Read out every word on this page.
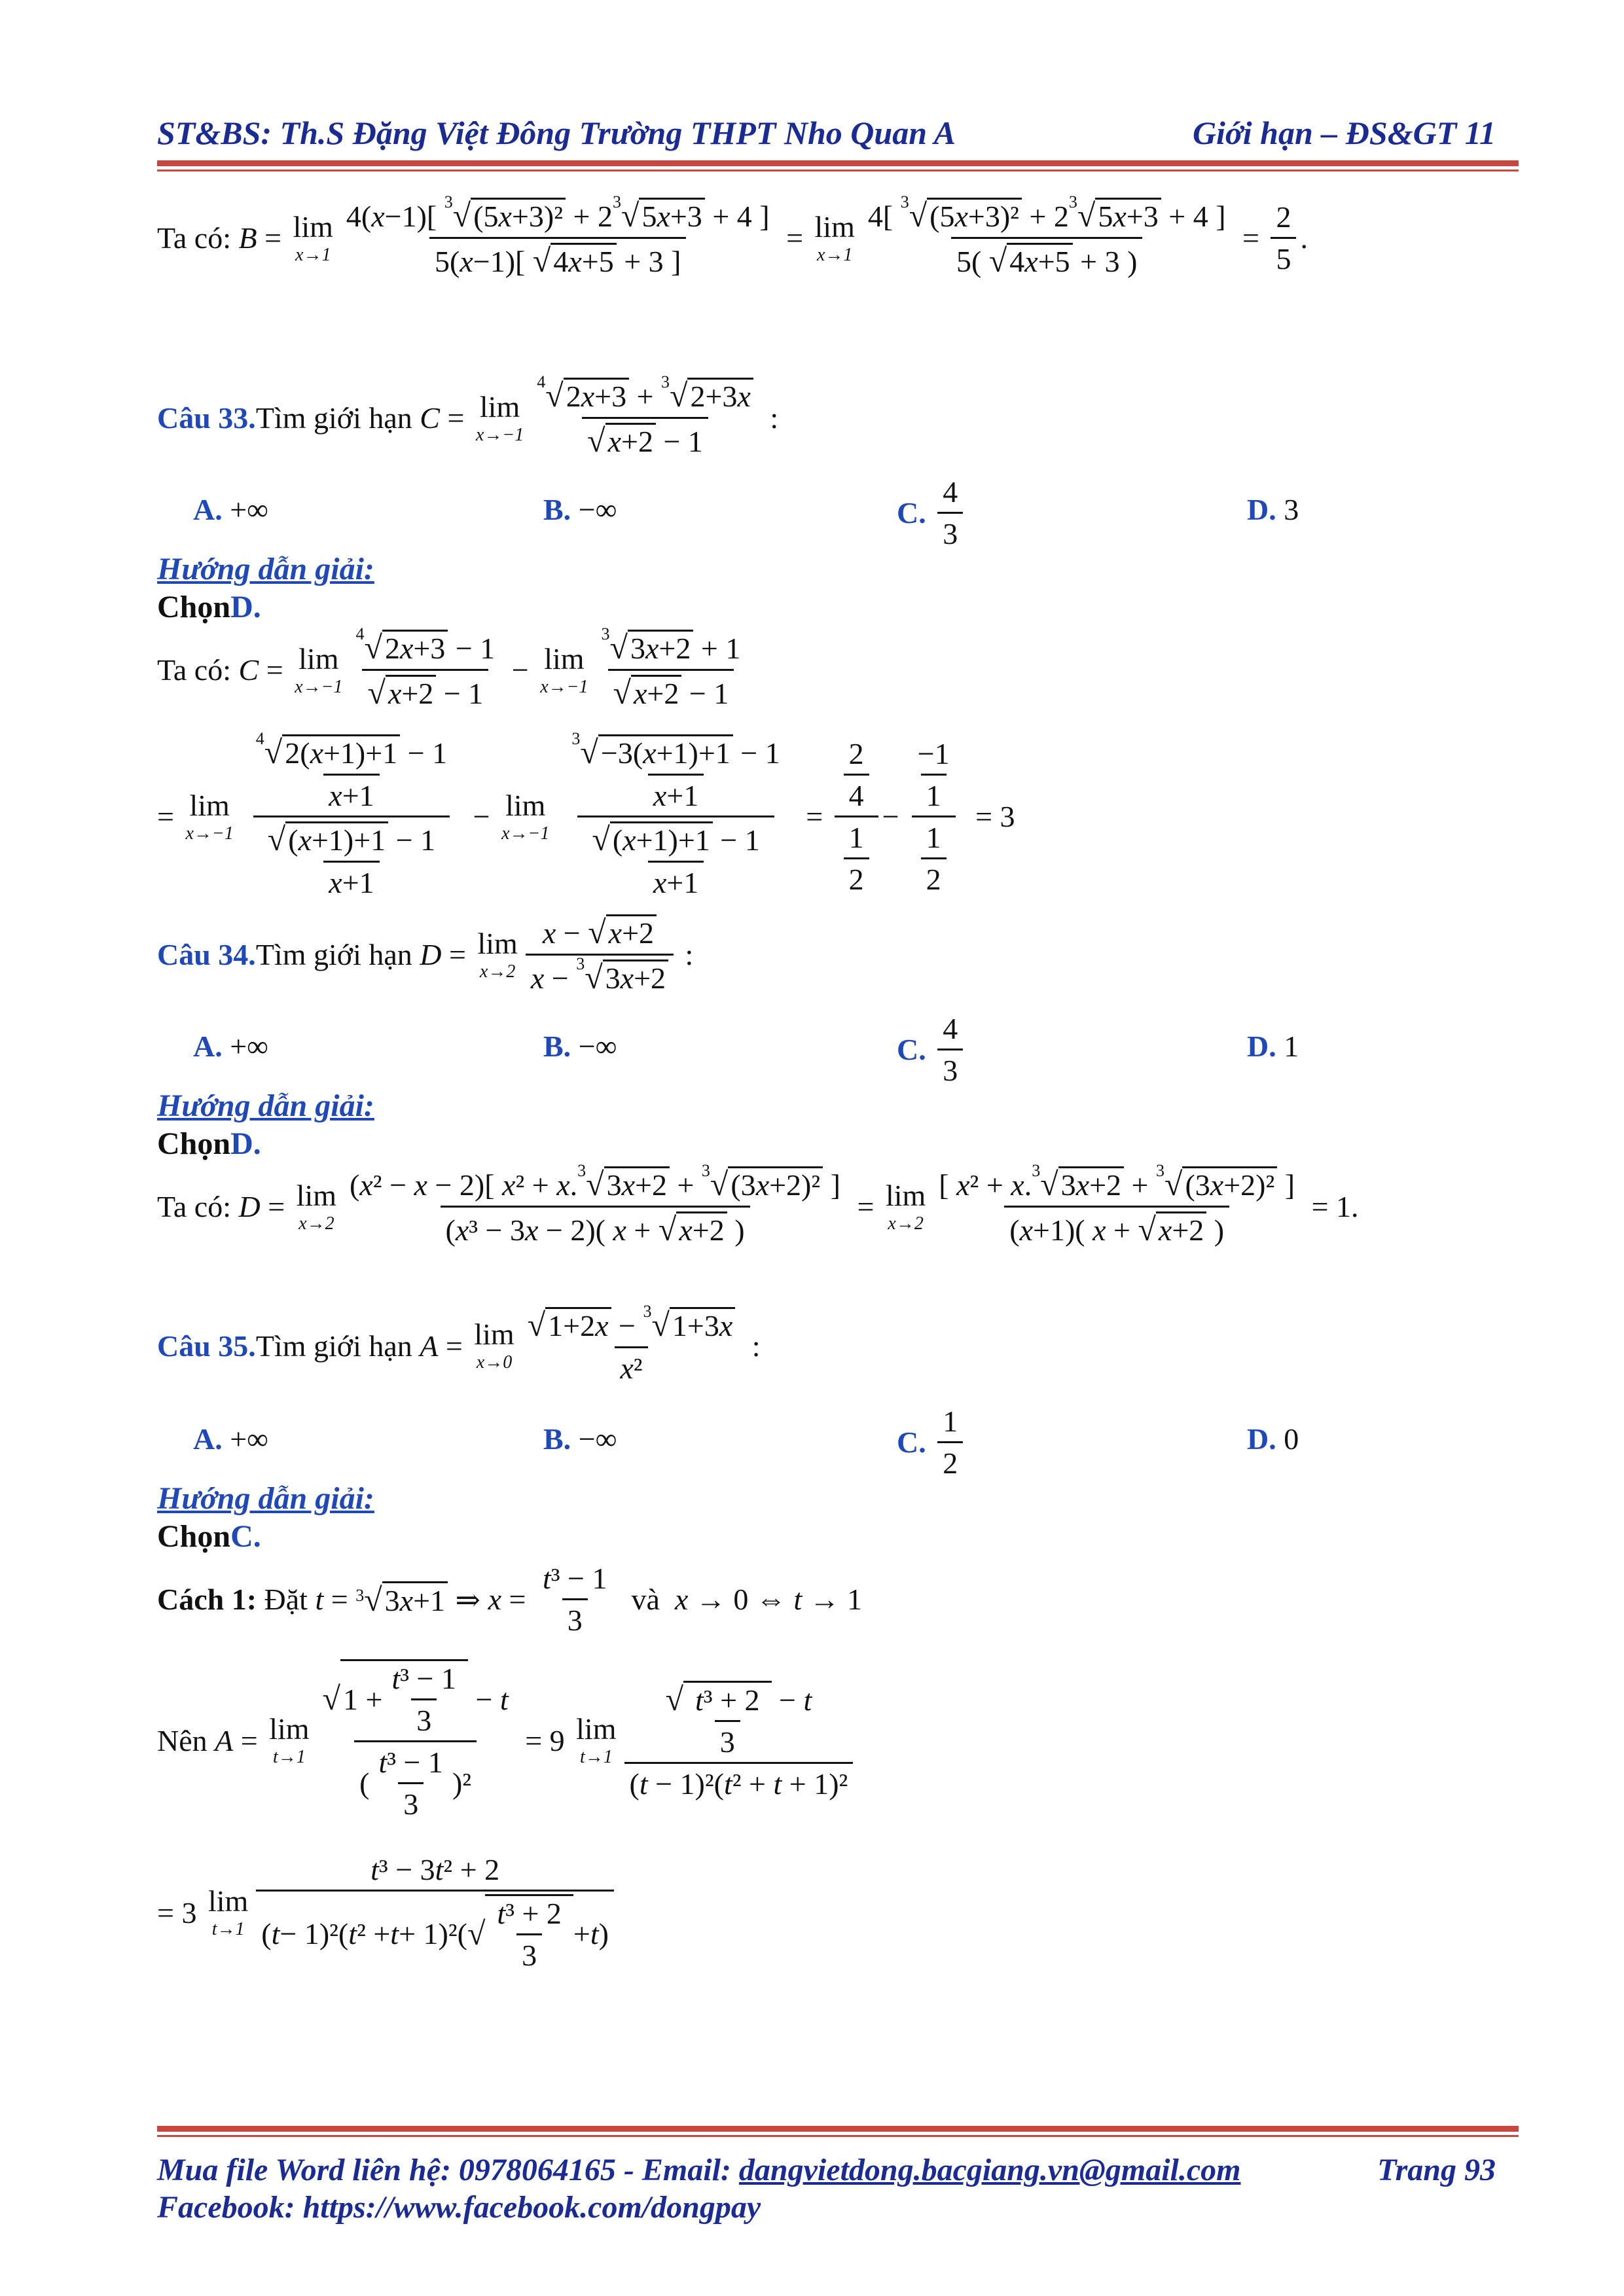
ST&BS: Th.S Đặng Việt Đông Trường THPT Nho Quan A	Giới hạn – ĐS&GT 11
Ta có:
B = lim
x→1
4(x−1)[ $^3√(5x+3)^2 + 2^3√5x+3 + 4$ ]
5(x−1)[ √4x+5 + 3 ]
= lim
x→1
4[ $^3√(5x+3)^2 + 2^3√5x+3 + 4$ ]
5( √4x+5 + 3 )
=
2
5
.
Câu 33. Tìm giới hạn
C = lim
x→−1
$^4$√2x+3 + $^3$√2+3x
√x+2 − 1
:
A. +∞	B. −∞	C.

4
3
D. 3
Hướng dẫn giải:
ChọnD.
Ta có:
C = lim
x→−1
$^4$√2x+3 − 1
√x+2 − 1
− lim
x→−1
$^3$√3x+2 + 1
√x+2 − 1
= lim
x→−1
$\frac{^4√2(x+1)+1 - 1}{x+1}$
$\frac{√(x+1)+1 - 1}{x+1}$
− lim
x→−1
$\frac{^3√-3(x+1)+1 - 1}{x+1}$
$\frac{√(x+1)+1 - 1}{x+1}$
=
$\frac{2}{4}$
$\frac{1}{2}$
−
$\frac{-1}{1}$
$\frac{1}{2}$
= 3
Câu 34. Tìm giới hạn
D = lim
x→2
x − √x+2
x − $^3$√3x+2
:
A. +∞	B. −∞	C.

4
3
D. 1
Hướng dẫn giải:
ChọnD.
Ta có:
D = lim
x→2
(x² − x − 2)[ x² + x.$^3$√3x+2 + $^3$√(3x+2)² ]
(x³ − 3x − 2)( x + √x+2 )
= lim
x→2
[ x² + x.$^3$√3x+2 + $^3$√(3x+2)² ]
(x+1)( x + √x+2 )
= 1 .
Câu 35. Tìm giới hạn
A = lim
x→0
√1+2x − $^3$√1+3x
x²
:
A. +∞	B. −∞	C.

1
2
D. 0
Hướng dẫn giải:
ChọnC.
Cách 1:
Đặt
t = 3 √ 3x+1 ⇒ x =
t³ − 1
3

và
x → 0 ⇔ t → 1
Nên
A = lim
t→1
√1 +
t³ − 1
3
− t
(
t³ − 1
3
)²
= 9 lim
t→1
√ t³ + 2
3
− t
(t − 1)²(t² + t + 1)²
= 3 lim
t→1
t³ − 3t² + 2
( t − 1)²( t ² + t + 1)²( √
t³ + 2
3
+ t )
Mua file Word liên hệ: 0978064165 - Email: dangvietdong.bacgiang.vn@gmail.com	Trang 93
Facebook: https://www.facebook.com/dongpay
